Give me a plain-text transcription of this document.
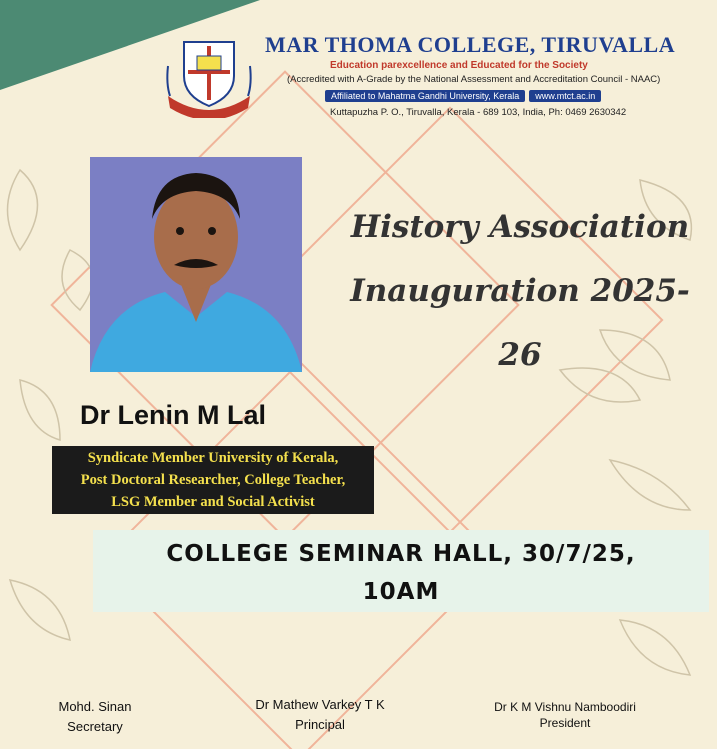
MAR THOMA COLLEGE, TIRUVALLA
Education parexcellence and Educated for the Society
(Accredited with A-Grade by the National Assessment and Accreditation Council - NAAC)
Affiliated to Mahatma Gandhi University, Kerala www.mtct.ac.in
Kuttapuzha P. O., Tiruvalla, Kerala - 689 103, India, Ph: 0469 2630342
History Association
Inauguration 2025-26
Dr Lenin M Lal
Syndicate Member University of Kerala,
Post Doctoral Researcher, College Teacher,
LSG Member and Social Activist
COLLEGE SEMINAR HALL, 30/7/25,
10AM
Mohd. Sinan
Secretary
Dr Mathew Varkey T K
Principal
Dr K M Vishnu Namboodiri
President
